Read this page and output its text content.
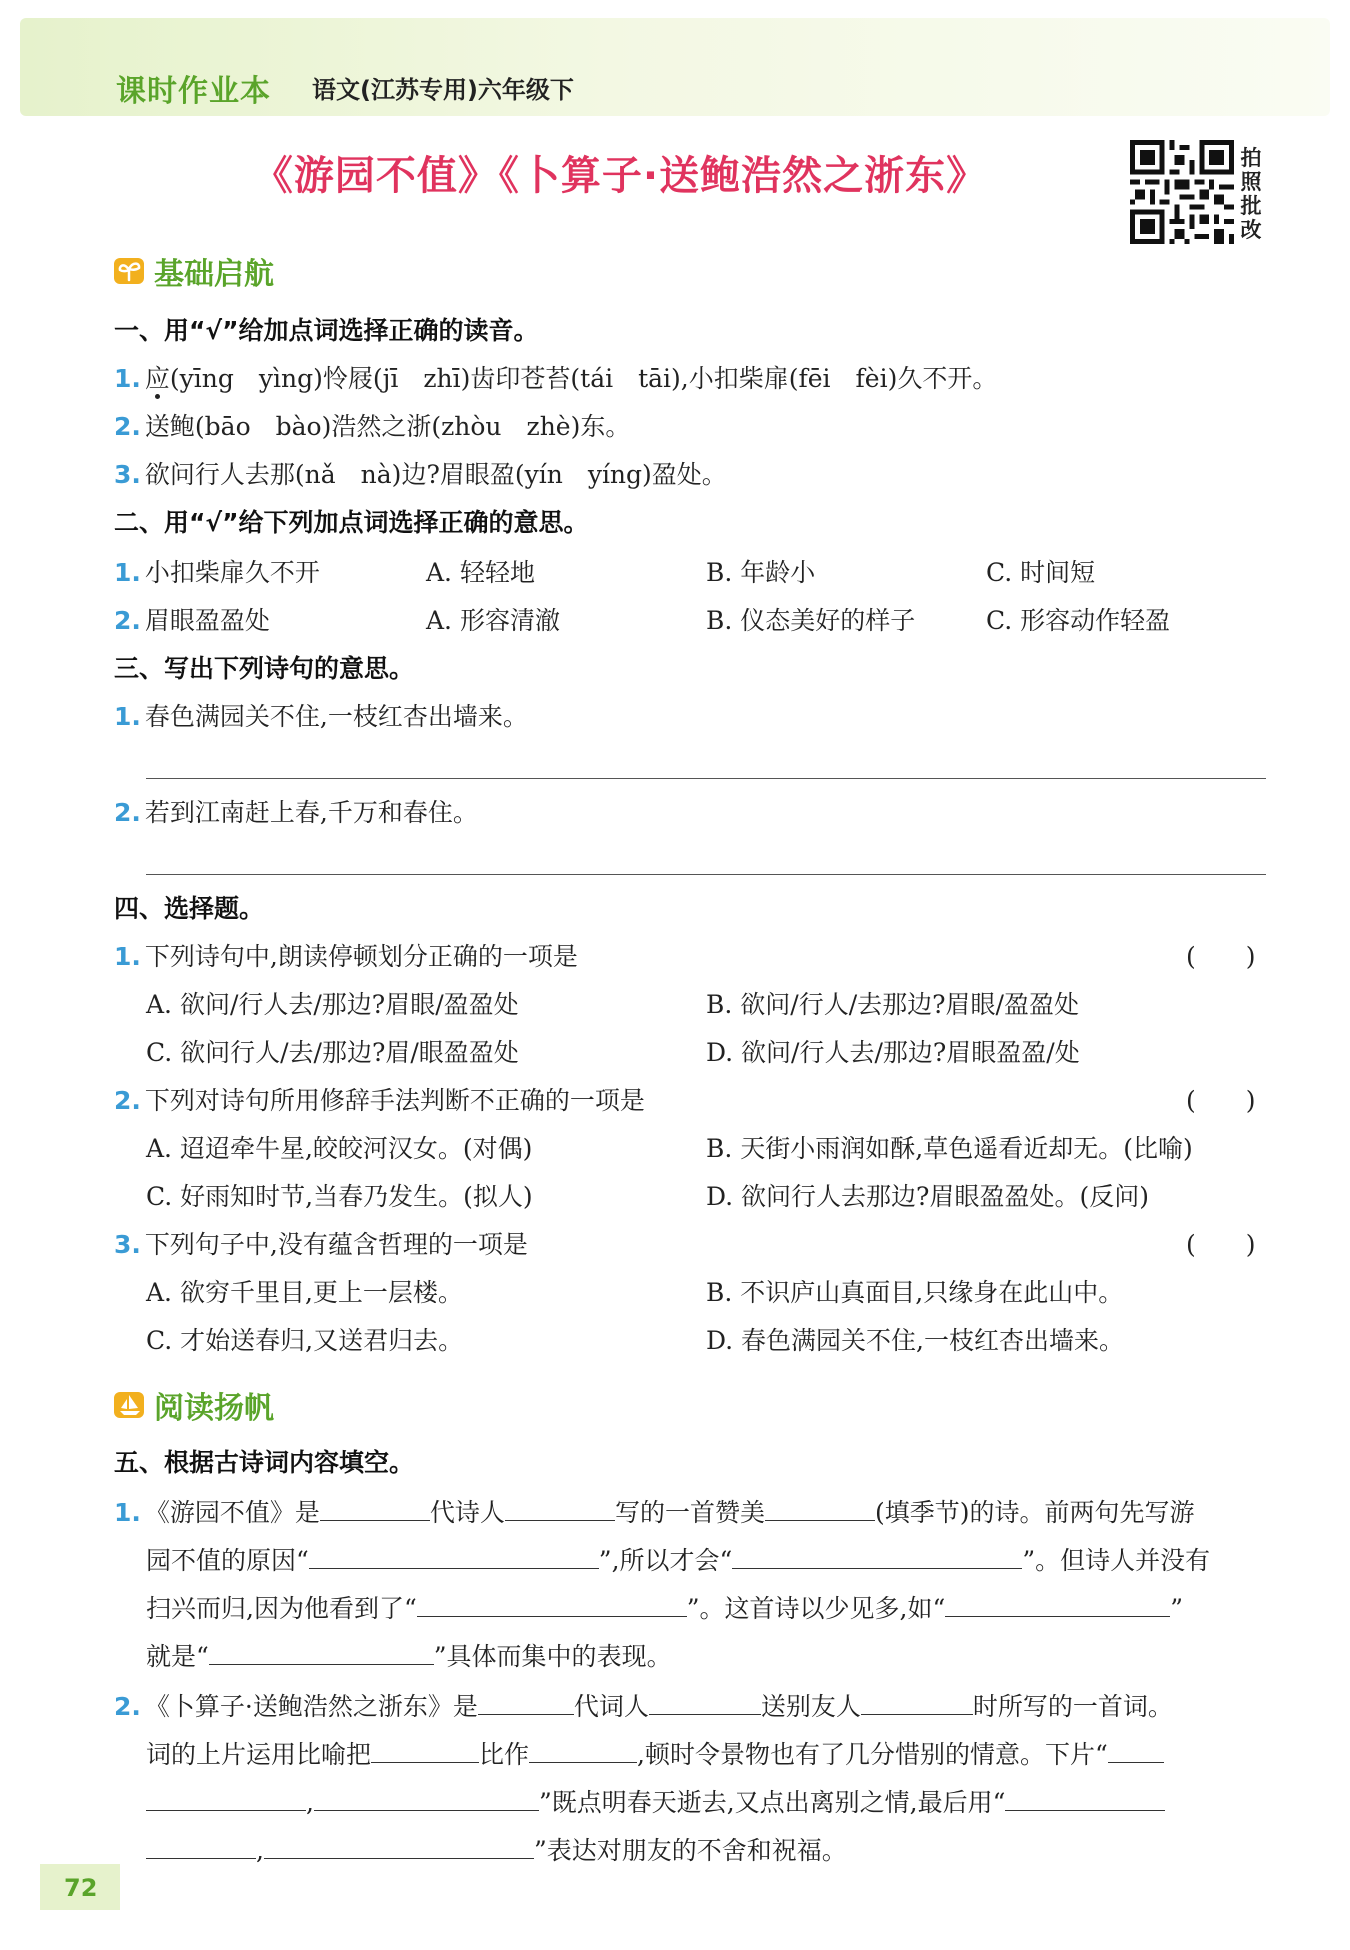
课时作业本 语文(江苏专用)六年级下
《游园不值》《卜算子·送鲍浩然之浙东》	拍
照
批
改
基础启航
一、用“√”给加点词选择正确的读音。
1. 应(yīng　yìng)怜屐(jī　zhī)齿印苍苔(tái　tāi),小扣柴扉(fēi　fèi)久不开。
2. 送鲍(bāo　bào)浩然之浙(zhòu　zhè)东。
3. 欲问行人去那(nǎ　nà)边?眉眼盈(yín　yíng)盈处。
二、用“√”给下列加点词选择正确的意思。
1. 小扣柴扉久不开	A. 轻轻地	B. 年龄小	C. 时间短
2. 眉眼盈盈处	A. 形容清澈	B. 仪态美好的样子	C. 形容动作轻盈
三、写出下列诗句的意思。
1. 春色满园关不住,一枝红杏出墙来。
2. 若到江南赶上春,千万和春住。
四、选择题。
1. 下列诗句中,朗读停顿划分正确的一项是	(　　)
A. 欲问/行人去/那边?眉眼/盈盈处	B. 欲问/行人/去那边?眉眼/盈盈处
C. 欲问行人/去/那边?眉/眼盈盈处	D. 欲问/行人去/那边?眉眼盈盈/处
2. 下列对诗句所用修辞手法判断不正确的一项是	(　　)
A. 迢迢牵牛星,皎皎河汉女。(对偶)	B. 天街小雨润如酥,草色遥看近却无。(比喻)
C. 好雨知时节,当春乃发生。(拟人)	D. 欲问行人去那边?眉眼盈盈处。(反问)
3. 下列句子中,没有蕴含哲理的一项是	(　　)
A. 欲穷千里目,更上一层楼。	B. 不识庐山真面目,只缘身在此山中。
C. 才始送春归,又送君归去。	D. 春色满园关不住,一枝红杏出墙来。
阅读扬帆
五、根据古诗词内容填空。
1. 《游园不值》是	代诗人	写的一首赞美	(填季节)的诗。前两句先写游
园不值的原因“	”,所以才会“	”。但诗人并没有
扫兴而归,因为他看到了“	”。这首诗以少见多,如“	”
就是“	”具体而集中的表现。
2. 《卜算子·送鲍浩然之浙东》是	代词人	送别友人	时所写的一首词。
词的上片运用比喻把	比作	,顿时令景物也有了几分惜别的情意。下片“
,	”既点明春天逝去,又点出离别之情,最后用“
,	”表达对朋友的不舍和祝福。
72
